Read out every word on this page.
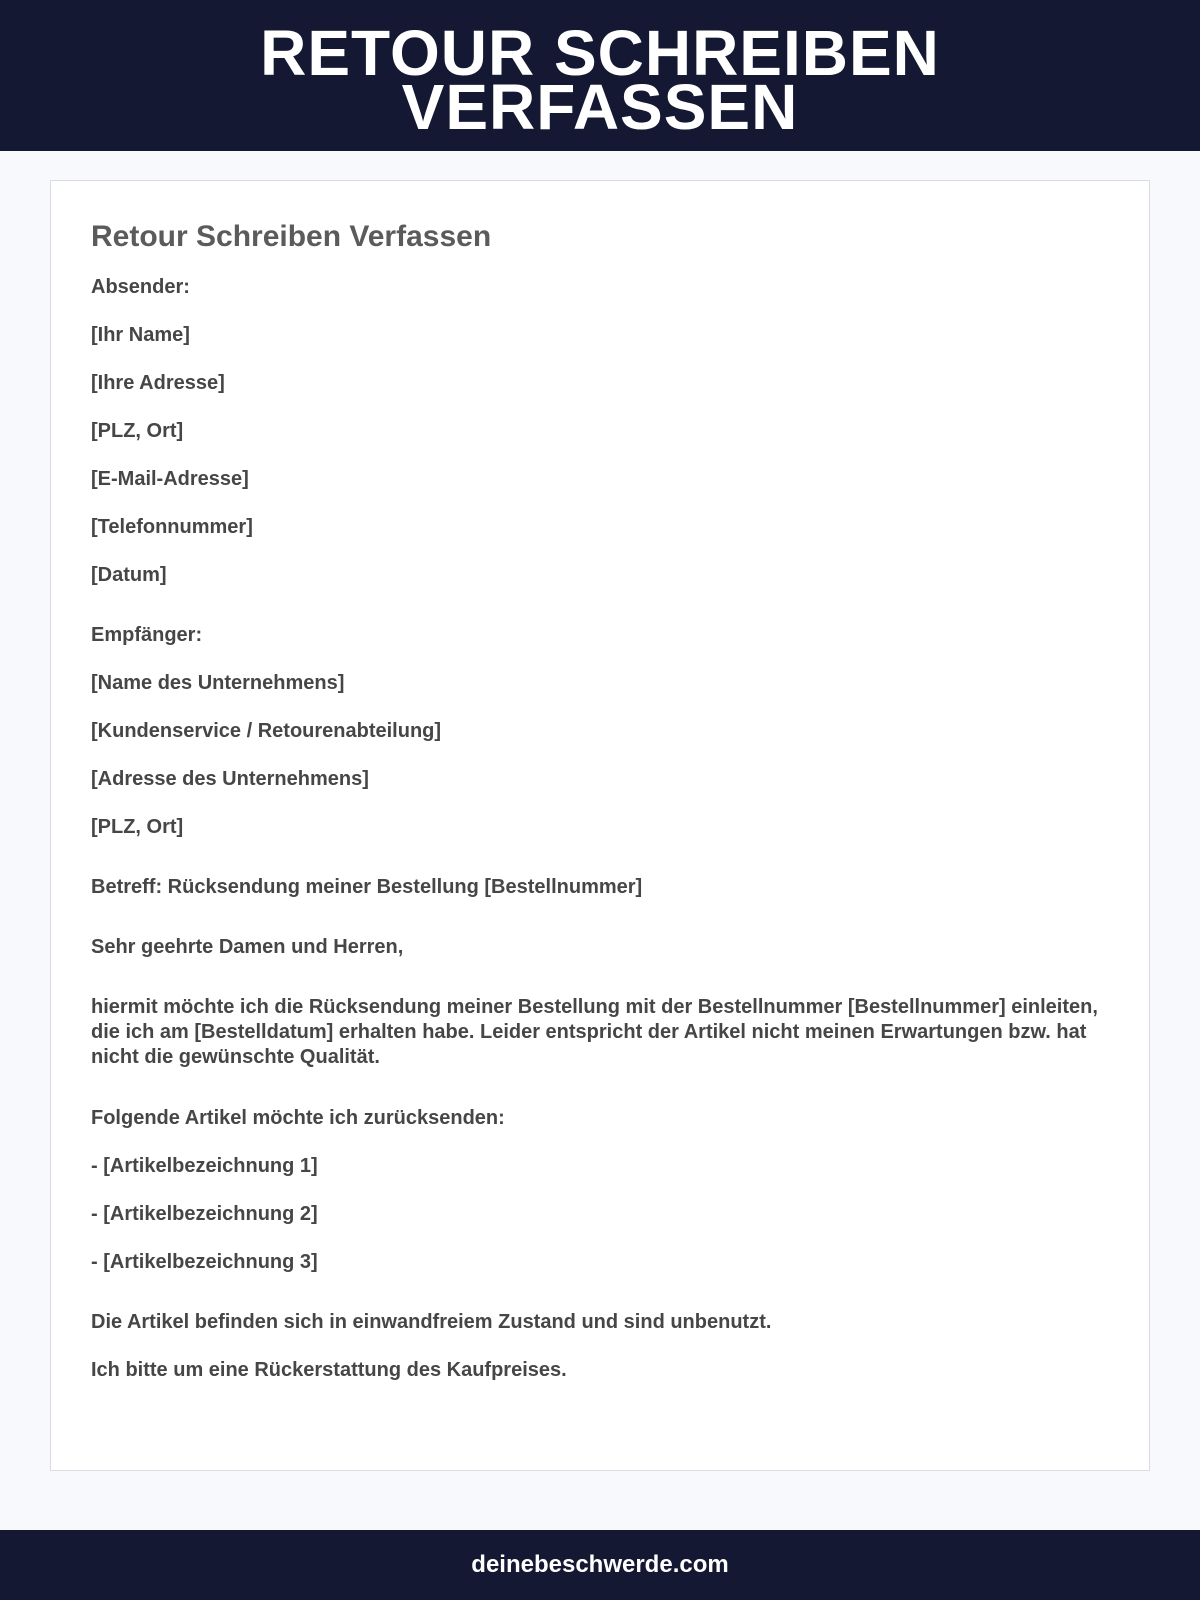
RETOUR SCHREIBEN
VERFASSEN
Retour Schreiben Verfassen

Absender:

[Ihr Name]

[Ihre Adresse]

[PLZ, Ort]

[E-Mail-Adresse]

[Telefonnummer]

[Datum]

Empfänger:

[Name des Unternehmens]

[Kundenservice / Retourenabteilung]

[Adresse des Unternehmens]

[PLZ, Ort]

Betreff: Rücksendung meiner Bestellung [Bestellnummer]

Sehr geehrte Damen und Herren,

hiermit möchte ich die Rücksendung meiner Bestellung mit der Bestellnummer [Bestellnummer] einleiten, die ich am [Bestelldatum] erhalten habe. Leider entspricht der Artikel nicht meinen Erwartungen bzw. hat nicht die gewünschte Qualität.

Folgende Artikel möchte ich zurücksenden:

- [Artikelbezeichnung 1]

- [Artikelbezeichnung 2]

- [Artikelbezeichnung 3]

Die Artikel befinden sich in einwandfreiem Zustand und sind unbenutzt.

Ich bitte um eine Rückerstattung des Kaufpreises.

deinebeschwerde.com
